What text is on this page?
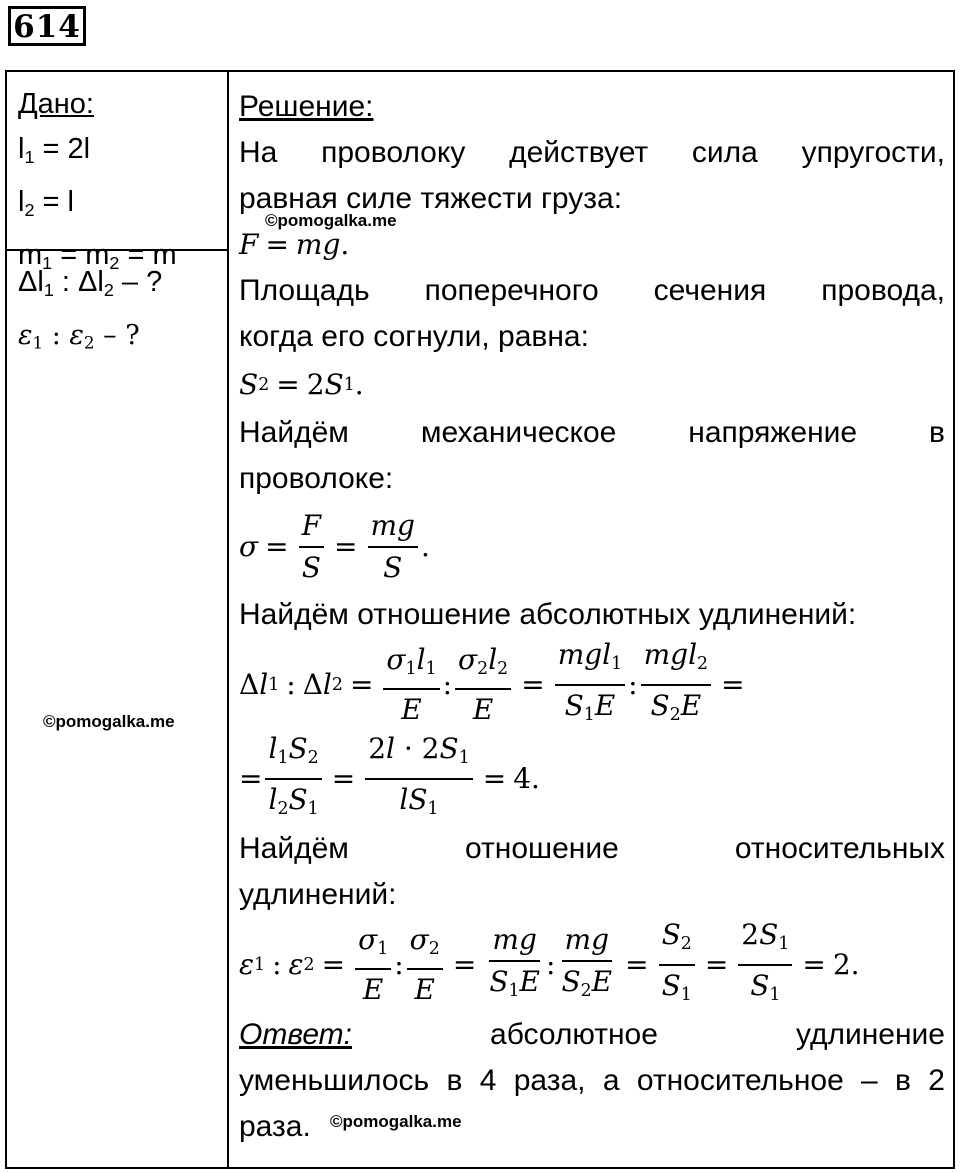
614
Дано:
$l_1 = 2l$
$l_2 = l$
$m_1 = m_2 = m$
$\Delta l_1$ : $\Delta l_2$ – ?
$\varepsilon_1$ : $\varepsilon_2$ – ?
©pomogalka.me
Решение:
На проволоку действует сила упругости,
равная силе тяжести груза:
F = mg .
Площадь поперечного сечения провода,
когда его согнули, равна:
S 2 = 2 S 1 .
Найдём механическое напряжение в
проволоке:
$\sigma = \frac{F}{S} = \frac{mg}{S}$ .
Найдём отношение абсолютных удлинений:
Δ l 1 : Δ l $2 = \frac{\sigma_1l_1}{E}$ : $\frac{\sigma_2l_2}{E} = \frac{mgl_1}{S_1E}$ : $\frac{mgl_2}{S_2E}$ =
= $\frac{l_1S_2}{l_2S_1} = \frac{2l \cdot 2S_1}{lS_1} = 4$.
Найдём отношение относительных
удлинений:
ε 1 : ε $2 = \frac{\sigma_1}{E}$ : $\frac{\sigma_2}{E} = \frac{mg}{S_1E}$ : $\frac{mg}{S_2E} = \frac{S_2}{S_1} = \frac{2S_1}{S_1} = 2$.
Ответ:	абсолютное удлинение
уменьшилось в 4 раза, а относительное – в 2
раза.
©pomogalka.me
©pomogalka.me
